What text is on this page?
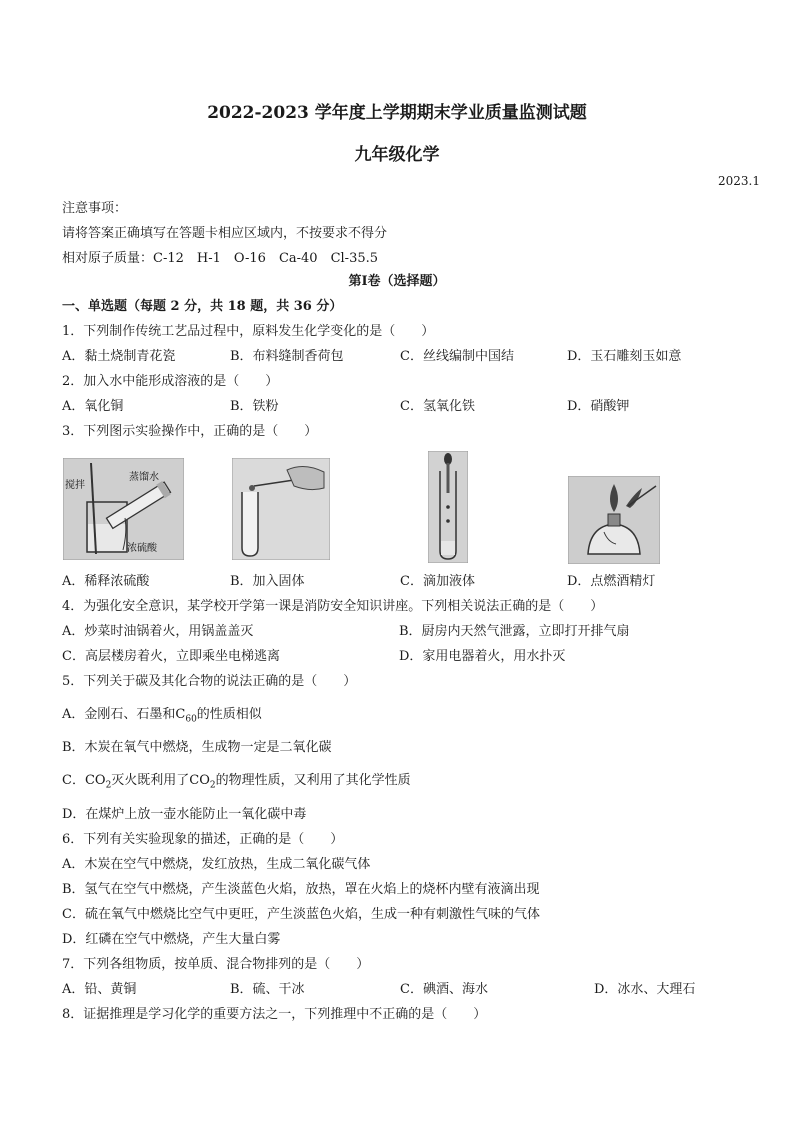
2022-2023 学年度上学期期末学业质量监测试题
九年级化学
2023.1
注意事项：
请将答案正确填写在答题卡相应区域内，不按要求不得分
相对原子质量：C-12　H-1　O-16　Ca-40　Cl-35.5
第Ⅰ卷（选择题）
一、单选题（每题 2 分，共 18 题，共 36 分）
1．下列制作传统工艺品过程中，原料发生化学变化的是（　　）
A．黏土烧制青花瓷	B．布料缝制香荷包	C．丝线编制中国结	D．玉石雕刻玉如意
2．加入水中能形成溶液的是（　　）
A．氧化铜	B．铁粉	C．氢氧化铁	D．硝酸钾
3．下列图示实验操作中，正确的是（　　）
搅拌
蒸馏水
浓硫酸
A．稀释浓硫酸	B．加入固体	C．滴加液体	D．点燃酒精灯
4．为强化安全意识，某学校开学第一课是消防安全知识讲座。下列相关说法正确的是（　　）
A．炒菜时油锅着火，用锅盖盖灭	B．厨房内天然气泄露，立即打开排气扇
C．高层楼房着火，立即乘坐电梯逃离	D．家用电器着火，用水扑灭
5．下列关于碳及其化合物的说法正确的是（　　）
A．金刚石、石墨和$C_{60}$的性质相似
B．木炭在氧气中燃烧，生成物一定是二氧化碳
C．$CO_2$灭火既利用了$CO_2$的物理性质，又利用了其化学性质
D．在煤炉上放一壶水能防止一氧化碳中毒
6．下列有关实验现象的描述，正确的是（　　）
A．木炭在空气中燃烧，发红放热，生成二氧化碳气体
B．氢气在空气中燃烧，产生淡蓝色火焰，放热，罩在火焰上的烧杯内壁有液滴出现
C．硫在氧气中燃烧比空气中更旺，产生淡蓝色火焰，生成一种有刺激性气味的气体
D．红磷在空气中燃烧，产生大量白雾
7．下列各组物质，按单质、混合物排列的是（　　）
A．铅、黄铜	B．硫、干冰	C．碘酒、海水	D．冰水、大理石
8．证据推理是学习化学的重要方法之一，下列推理中不正确的是（　　）
